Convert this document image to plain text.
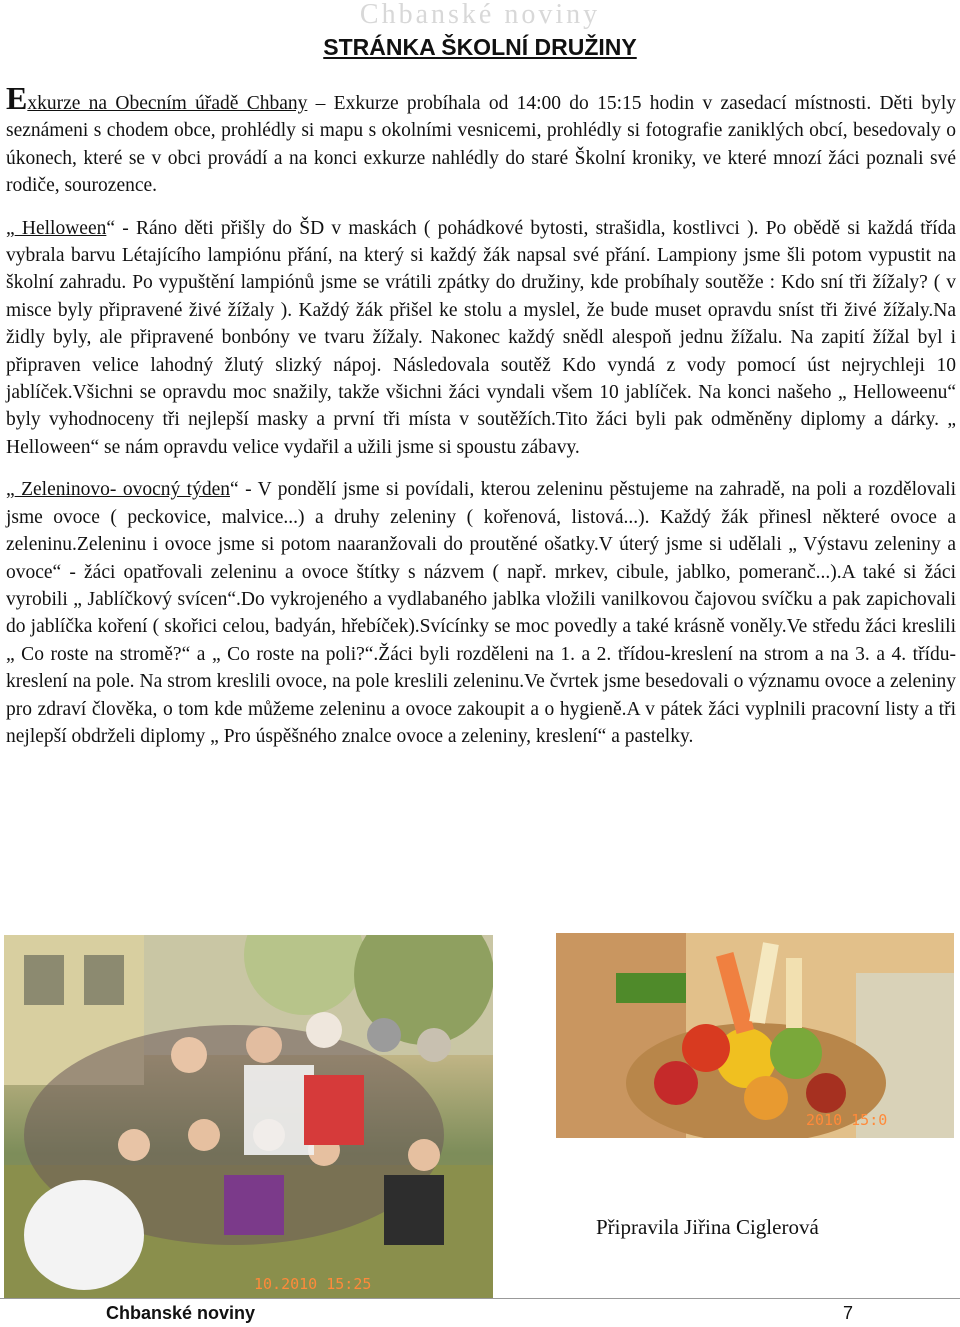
Chbanské noviny
STRÁNKA ŠKOLNÍ DRUŽINY

Exkurze na Obecním úřadě Chbany – Exkurze probíhala od 14:00 do 15:15 hodin v zasedací místnosti. Děti byly seznámeni s chodem obce, prohlédly si mapu s okolními vesnicemi, prohlédly si fotografie zaniklých obcí, besedovaly o úkonech, které se v obci provádí a na konci exkurze nahlédly do staré Školní kroniky, ve které mnozí žáci poznali své rodiče, sourozence.

„ Helloween“ - Ráno děti přišly do ŠD v maskách ( pohádkové bytosti, strašidla, kostlivci ). Po obědě si každá třída vybrala barvu Létajícího lampiónu přání, na který si každý žák napsal své přání. Lampiony jsme šli potom vypustit na školní zahradu. Po vypuštění lampiónů jsme se vrátili zpátky do družiny, kde probíhaly soutěže : Kdo sní tři žížaly? ( v misce byly připravené živé žížaly ). Každý žák přišel ke stolu a myslel, že bude muset opravdu sníst tři živé žížaly.Na židly byly, ale připravené bonbóny ve tvaru žížaly. Nakonec každý snědl alespoň jednu žížalu. Na zapití žížal byl i připraven velice lahodný žlutý slizký nápoj. Následovala soutěž Kdo vyndá z vody pomocí úst nejrychleji 10 jablíček.Všichni se opravdu moc snažily, takže všichni žáci vyndali všem 10 jablíček. Na konci našeho „ Helloweenu“ byly vyhodnoceny tři nejlepší masky a první tři místa v soutěžích.Tito žáci byli pak odměněny diplomy a dárky. „ Helloween“ se nám opravdu velice vydařil a užili jsme si spoustu zábavy.

„ Zeleninovo- ovocný týden“ - V pondělí jsme si povídali, kterou zeleninu pěstujeme na zahradě, na poli a rozdělovali jsme ovoce ( peckovice, malvice...) a druhy zeleniny ( kořenová, listová...). Každý žák přinesl některé ovoce a zeleninu.Zeleninu i ovoce jsme si potom naaranžovali do proutěné ošatky.V úterý jsme si udělali „ Výstavu zeleniny a ovoce“ - žáci opatřovali zeleninu a ovoce štítky s názvem ( např. mrkev, cibule, jablko, pomeranč...).A také si žáci vyrobili „ Jablíčkový svícen“.Do vykrojeného a vydlabaného jablka vložili vanilkovou čajovou svíčku a pak zapichovali do jablíčka koření ( skořici celou, badyán, hřebíček).Svícínky se moc povedly a také krásně voněly.Ve středu žáci kreslili „ Co roste na stromě?“ a „ Co roste na poli?“.Žáci byli rozděleni na 1. a 2. třídou-kreslení na strom a na 3. a 4. třídu- kreslení na pole. Na strom kreslili ovoce, na pole kreslili zeleninu.Ve čvrtek jsme besedovali o významu ovoce a zeleniny pro zdraví člověka, o tom kde můžeme zeleninu a ovoce zakoupit a o hygieně.A v pátek žáci vyplnili pracovní listy a tři nejlepší obdrželi diplomy „ Pro úspěšného znalce ovoce a zeleniny, kreslení“ a pastelky.

10.2010 15:25
2010 15:0
Připravila Jiřina Ciglerová
Chbanské noviny	7
